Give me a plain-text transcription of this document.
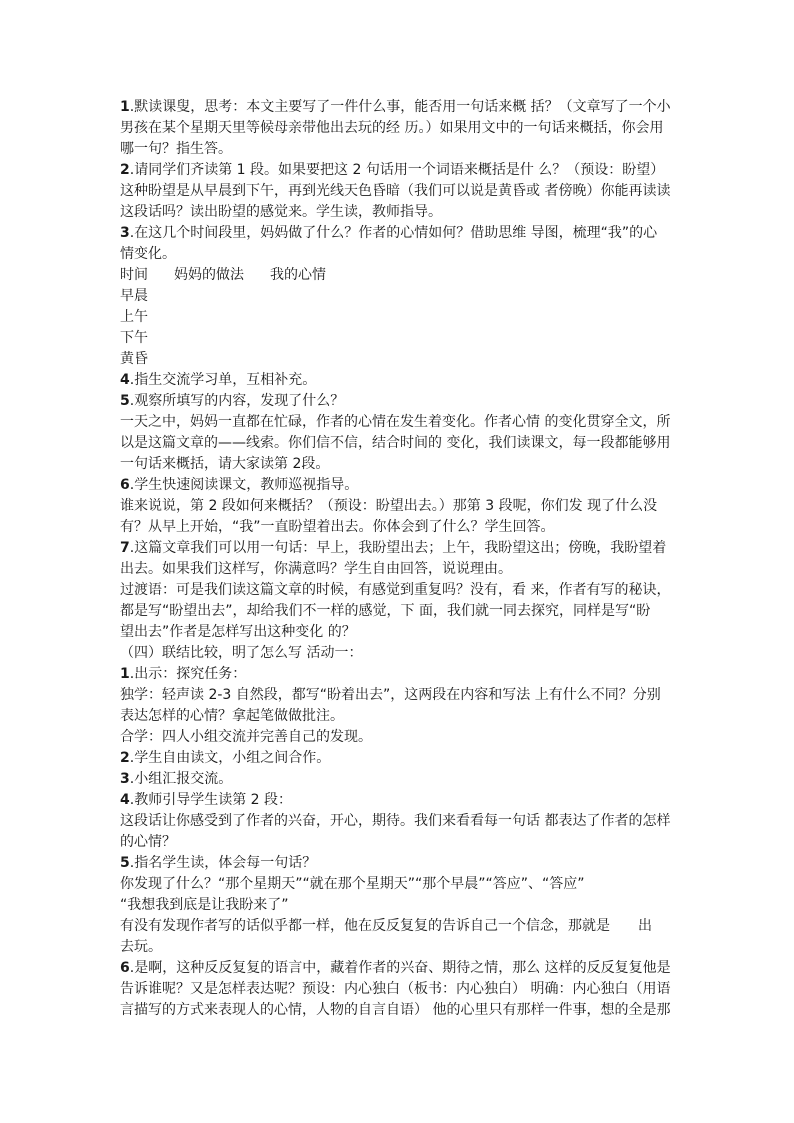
1.默读课叟，思考：本文主要写了一件什么事，能否用一句话来概 括？（文章写了一个小
男孩在某个星期天里等候母亲带他出去玩的经 历。）如果用文中的一句话来概括，你会用
哪一句？指生答。
2.请同学们齐读第 1 段。如果要把这 2 句话用一个词语来概括是什 么？（预设：盼望）
这种盼望是从早晨到下午，再到光线天色昏暗（我们可以说是黄昏或 者傍晚）你能再读读
这段话吗？读出盼望的感觉来。学生读，教师指导。
3.在这几个时间段里，妈妈做了什么？作者的心情如何？借助思维 导图，梳理“我”的心
情变化。
时间 妈妈的做法 我的心情
早晨
上午
下午
黄昏
4.指生交流学习单，互相补充。
5.观察所填写的内容，发现了什么？
一天之中，妈妈一直都在忙碌，作者的心情在发生着变化。作者心情 的变化贯穿全文，所
以是这篇文章的——线索。你们信不信，结合时间的 变化，我们读课文，每一段都能够用
一句话来概括，请大家读第 2段。
6.学生快速阅读课文，教师巡视指导。
谁来说说，第 2 段如何来概括？（预设：盼望出去。）那第 3 段呢，你们发 现了什么没
有？从早上开始，“我”一直盼望着出去。你体会到了什么？学生回答。
7.这篇文章我们可以用一句话：早上，我盼望出去；上午，我盼望这出；傍晚，我盼望着
出去。如果我们这样写，你满意吗？学生自由回答，说说理由。
过渡语：可是我们读这篇文章的时候，有感觉到重复吗？没有，看 来，作者有写的秘诀，
都是写“盼望出去”，却给我们不一样的感觉，下 面，我们就一同去探究，同样是写“盼
望出去”作者是怎样写出这种变化 的？
（四）联结比较，明了怎么写 活动一：
1.出示：探究任务：
独学：轻声读 2-3 自然段，都写“盼着出去”，这两段在内容和写法 上有什么不同？分别
表达怎样的心情？拿起笔做做批注。
合学：四人小组交流并完善自己的发现。
2.学生自由读文，小组之间合作。
3.小组汇报交流。
4.教师引导学生读第 2 段：
这段话让你感受到了作者的兴奋，开心，期待。我们来看看每一句话 都表达了作者的怎样
的心情？
5.指名学生读，体会每一句话？
你发现了什么？“那个星期天”“就在那个星期天”“那个早晨”“答应”、“答应”
“我想我到底是让我盼来了”
有没有发现作者写的话似乎都一样，他在反反复复的告诉自己一个信念，那就是　　出
去玩。
6.是啊，这种反反复复的语言中，藏着作者的兴奋、期待之情，那么 这样的反反复复他是
告诉谁呢？又是怎样表达呢？预设：内心独白（板书：内心独白） 明确：内心独白（用语
言描写的方式来表现人的心情，人物的自言自语） 他的心里只有那样一件事，想的全是那
